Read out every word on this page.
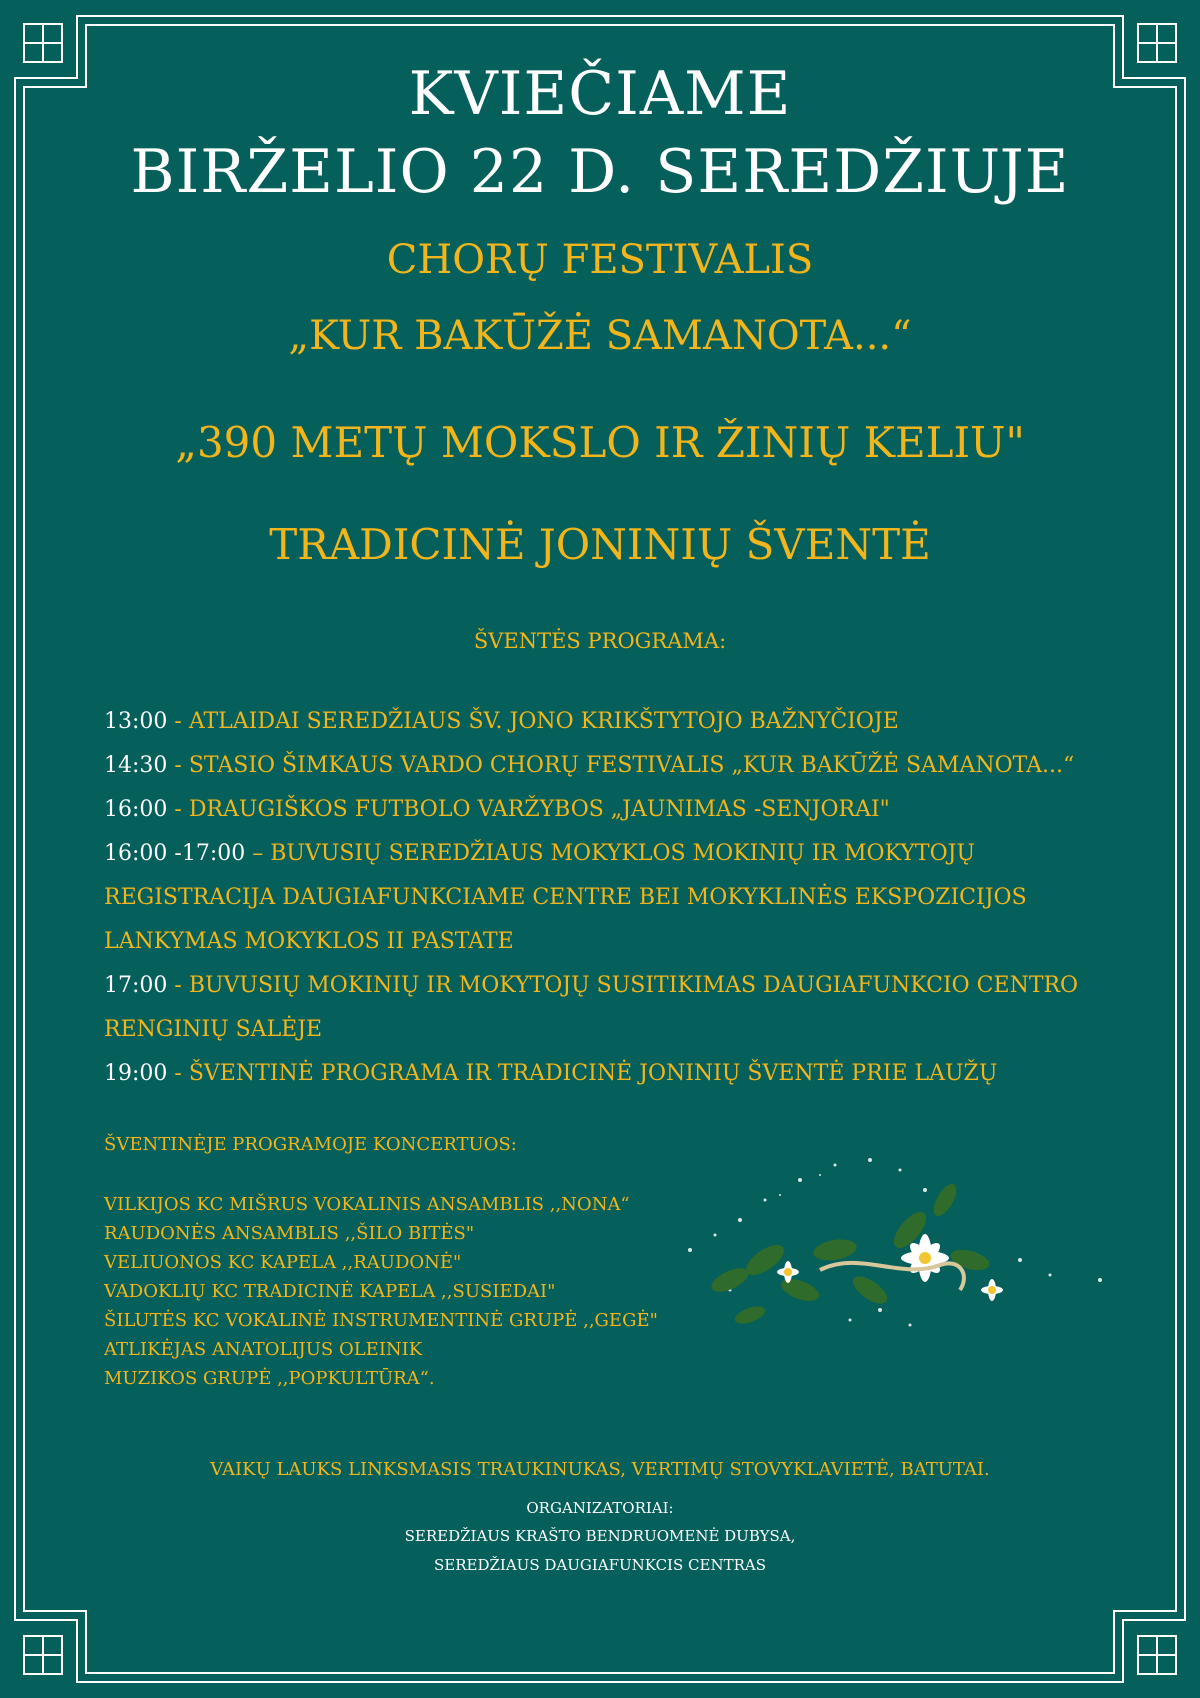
KVIEČIAME
BIRŽELIO 22 D. SEREDŽIUJE
CHORŲ FESTIVALIS
„KUR BAKŪŽĖ SAMANOTA...“
„390 METŲ MOKSLO IR ŽINIŲ KELIU"
TRADICINĖ JONINIŲ ŠVENTĖ
ŠVENTĖS PROGRAMA:
13:00 - ATLAIDAI SEREDŽIAUS ŠV. JONO KRIKŠTYTOJO BAŽNYČIOJE
14:30 - STASIO ŠIMKAUS VARDO CHORŲ FESTIVALIS „KUR BAKŪŽĖ SAMANOTA...“
16:00 - DRAUGIŠKOS FUTBOLO VARŽYBOS „JAUNIMAS -SENJORAI"
16:00 -17:00 – BUVUSIŲ SEREDŽIAUS MOKYKLOS MOKINIŲ IR MOKYTOJŲ
REGISTRACIJA DAUGIAFUNKCIAME CENTRE BEI MOKYKLINĖS EKSPOZICIJOS
LANKYMAS MOKYKLOS II PASTATE
17:00 - BUVUSIŲ MOKINIŲ IR MOKYTOJŲ SUSITIKIMAS DAUGIAFUNKCIO CENTRO
RENGINIŲ SALĖJE
19:00 - ŠVENTINĖ PROGRAMA IR TRADICINĖ JONINIŲ ŠVENTĖ PRIE LAUŽŲ
ŠVENTINĖJE PROGRAMOJE KONCERTUOS:
VILKIJOS KC MIŠRUS VOKALINIS ANSAMBLIS ,,NONA“
RAUDONĖS ANSAMBLIS ,,ŠILO BITĖS"
VELIUONOS KC KAPELA ,,RAUDONĖ"
VADOKLIŲ KC TRADICINĖ KAPELA ,,SUSIEDAI"
ŠILUTĖS KC VOKALINĖ INSTRUMENTINĖ GRUPĖ ,,GEGĖ"
ATLIKĖJAS ANATOLIJUS OLEINIK
MUZIKOS GRUPĖ ,,POPKULTŪRA“.
VAIKŲ LAUKS LINKSMASIS TRAUKINUKAS, VERTIMŲ STOVYKLAVIETĖ, BATUTAI.
ORGANIZATORIAI:
SEREDŽIAUS KRAŠTO BENDRUOMENĖ DUBYSA,
SEREDŽIAUS DAUGIAFUNKCIS CENTRAS
